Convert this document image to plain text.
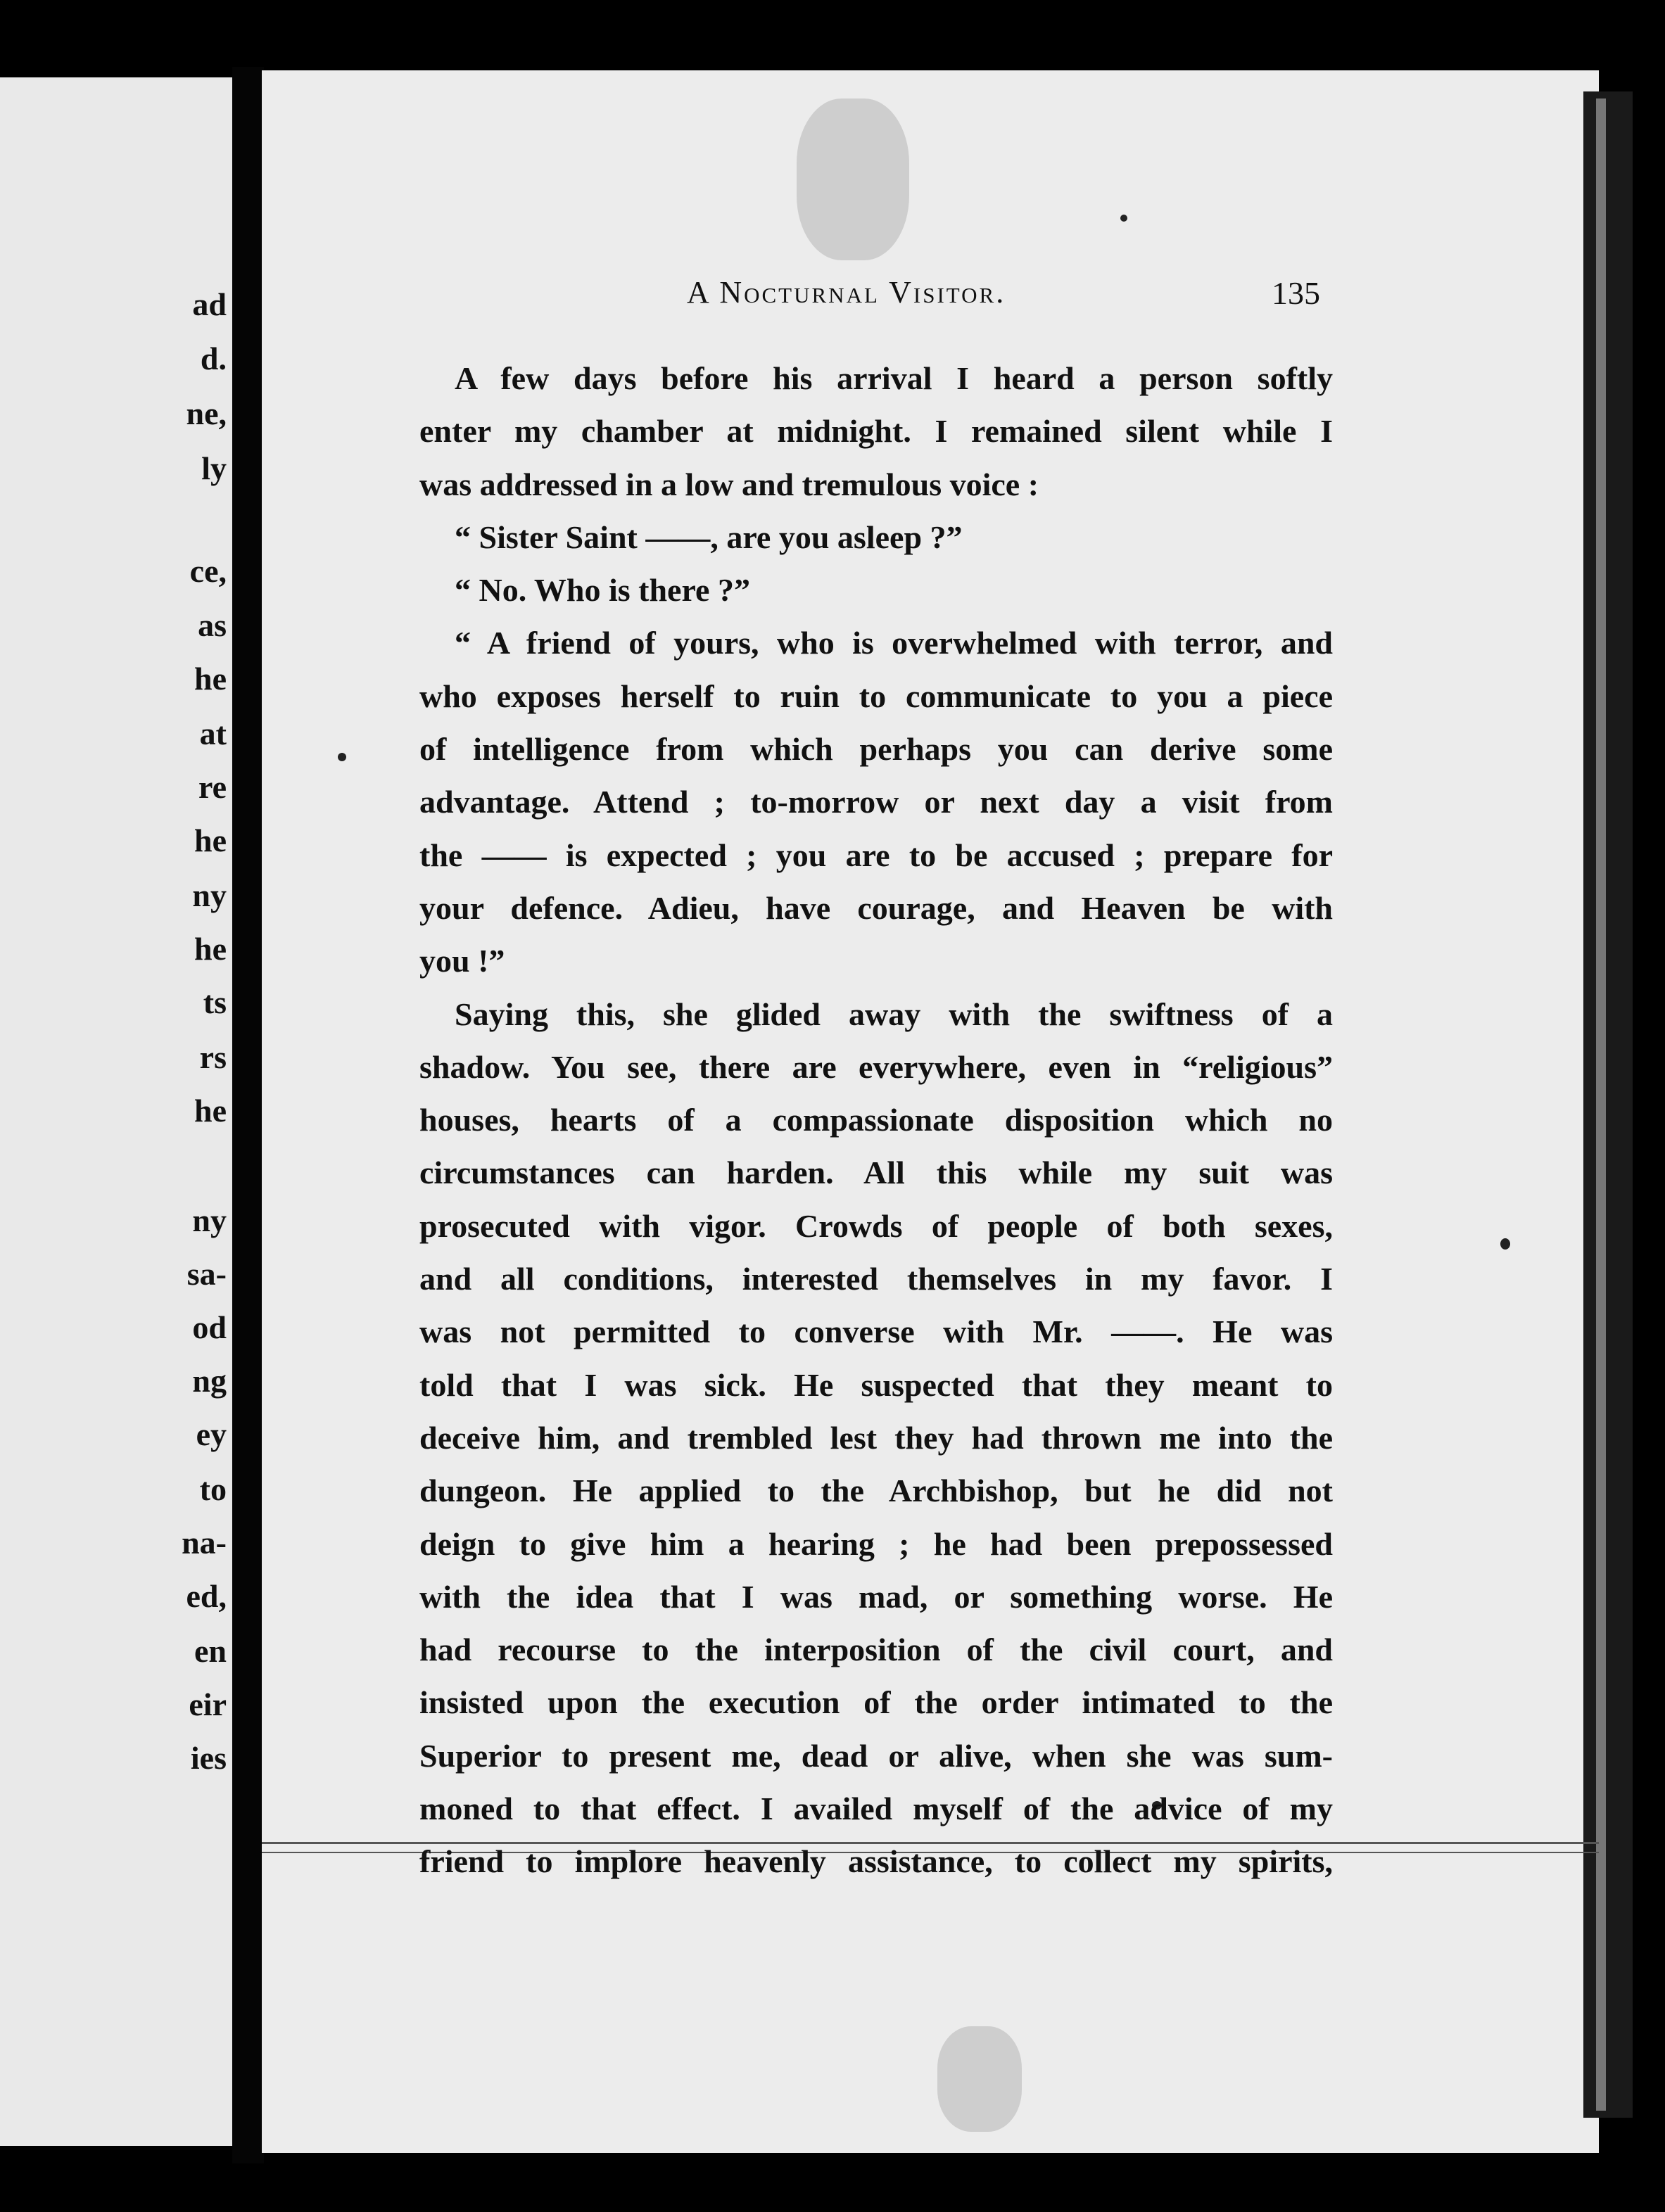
ad
d.
ne,
ly
ce,
as
he
at
re
he
ny
he
ts
rs
he
ny
sa-
od
ng
ey
to
na-
ed,
en
eir
ies
A Nocturnal Visitor.	135
A few days before his arrival I heard a person softly
enter my chamber at midnight. I remained silent while I
was addressed in a low and tremulous voice :
“ Sister Saint ——, are you asleep ?”
“ No. Who is there ?”
“ A friend of yours, who is overwhelmed with terror, and
who exposes herself to ruin to communicate to you a piece
of intelligence from which perhaps you can derive some
advantage. Attend ; to-morrow or next day a visit from
the —— is expected ; you are to be accused ; prepare for
your defence. Adieu, have courage, and Heaven be with
you !”
Saying this, she glided away with the swiftness of a
shadow. You see, there are everywhere, even in “religious”
houses, hearts of a compassionate disposition which no
circumstances can harden. All this while my suit was
prosecuted with vigor. Crowds of people of both sexes,
and all conditions, interested themselves in my favor. I
was not permitted to converse with Mr. ——. He was
told that I was sick. He suspected that they meant to
deceive him, and trembled lest they had thrown me into the
dungeon. He applied to the Archbishop, but he did not
deign to give him a hearing ; he had been prepossessed
with the idea that I was mad, or something worse. He
had recourse to the interposition of the civil court, and
insisted upon the execution of the order intimated to the
Superior to present me, dead or alive, when she was sum-
moned to that effect. I availed myself of the advice of my
friend to implore heavenly assistance, to collect my spirits,
